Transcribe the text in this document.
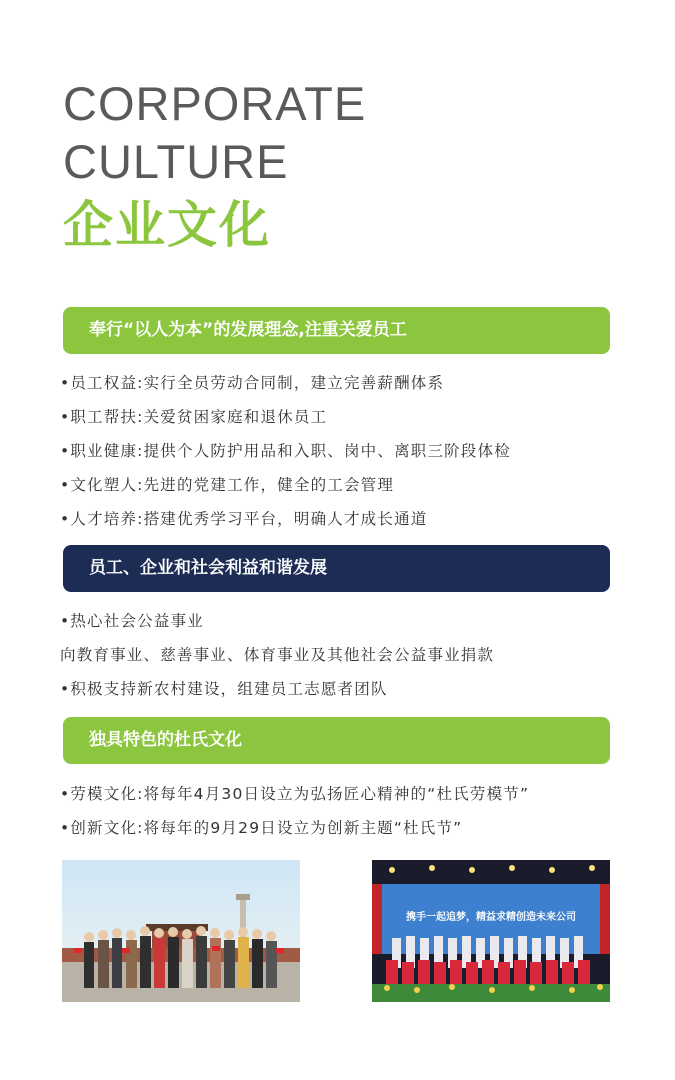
CORPORATE
CULTURE
企业文化
奉行“以人为本”的发展理念,注重关爱员工
•员工权益:实行全员劳动合同制，建立完善薪酬体系
•职工帮扶:关爱贫困家庭和退休员工
•职业健康:提供个人防护用品和入职、岗中、离职三阶段体检
•文化塑人:先进的党建工作，健全的工会管理
•人才培养:搭建优秀学习平台，明确人才成长通道
员工、企业和社会利益和谐发展
•热心社会公益事业
向教育事业、慈善事业、体育事业及其他社会公益事业捐款
•积极支持新农村建设，组建员工志愿者团队
独具特色的杜氏文化
•劳模文化:将每年4月30日设立为弘扬匠心精神的“杜氏劳模节”
•创新文化:将每年的9月29日设立为创新主题“杜氏节”
携手一起追梦，精益求精创造未来公司
